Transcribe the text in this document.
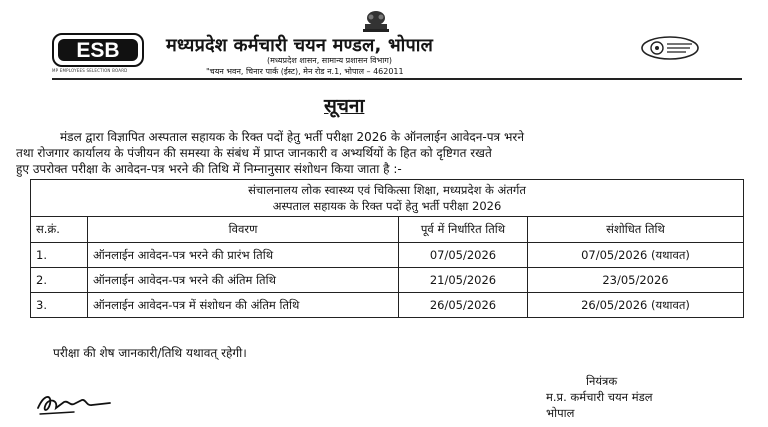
ESB
MP EMPLOYEES SELECTION BOARD
मध्यप्रदेश कर्मचारी चयन मण्डल, भोपाल
(मध्यप्रदेश शासन, सामान्य प्रशासन विभाग)
"चयन भवन, चिनार पार्क (ईस्ट), मेन रोड न.1, भोपाल – 462011
सूचना
मंडल द्वारा विज्ञापित अस्पताल सहायक के रिक्त पदों हेतु भर्ती परीक्षा 2026 के ऑनलाईन आवेदन-पत्र भरने
तथा रोजगार कार्यालय के पंजीयन की समस्या के संबंध में प्राप्त जानकारी व अभ्यर्थियों के हित को दृष्टिगत रखते
हुए उपरोक्त परीक्षा के आवेदन-पत्र भरने की तिथि में निम्नानुसार संशोधन किया जाता है :-
संचालनालय लोक स्वास्थ्य एवं चिकित्सा शिक्षा, मध्यप्रदेश के अंतर्गत
अस्पताल सहायक के रिक्त पदों हेतु भर्ती परीक्षा 2026			

स.क्रं.	विवरण	पूर्व में निर्धारित तिथि	संशोधित तिथि
1.	ऑनलाईन आवेदन-पत्र भरने की प्रारंभ तिथि	07/05/2026	07/05/2026 (यथावत)
2.	ऑनलाईन आवेदन-पत्र भरने की अंतिम तिथि	21/05/2026	23/05/2026
3.	ऑनलाईन आवेदन-पत्र में संशोधन की अंतिम तिथि	26/05/2026	26/05/2026 (यथावत)
परीक्षा की शेष जानकारी/तिथि यथावत् रहेगी।
नियंत्रक
म.प्र. कर्मचारी चयन मंडल
भोपाल
